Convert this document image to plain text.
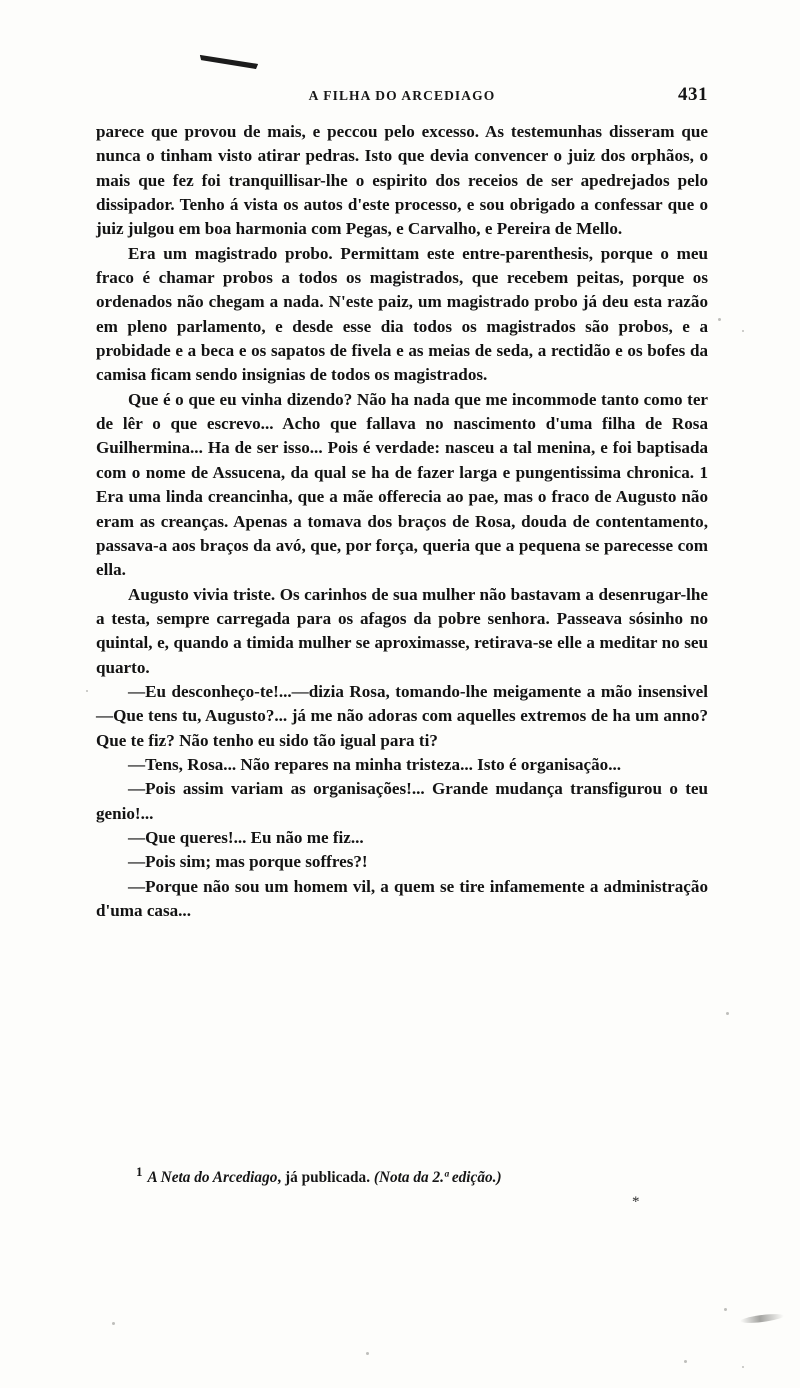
A FILHA DO ARCEDIAGO	431

parece que provou de mais, e peccou pelo excesso. As testemunhas disseram que nunca o tinham visto atirar pedras. Isto que devia convencer o juiz dos orphãos, o mais que fez foi tranquillisar-lhe o espirito dos receios de ser apedrejados pelo dissipador. Tenho á vista os autos d'este processo, e sou obrigado a confessar que o juiz julgou em boa harmonia com Pegas, e Carvalho, e Pereira de Mello.

Era um magistrado probo. Permittam este entre-parenthesis, porque o meu fraco é chamar probos a todos os magistrados, que recebem peitas, porque os ordenados não chegam a nada. N'este paiz, um magistrado probo já deu esta razão em pleno parlamento, e desde esse dia todos os magistrados são probos, e a probidade e a beca e os sapatos de fivela e as meias de seda, a rectidão e os bofes da camisa ficam sendo insignias de todos os magistrados.

Que é o que eu vinha dizendo? Não ha nada que me incommode tanto como ter de lêr o que escrevo... Acho que fallava no nascimento d'uma filha de Rosa Guilhermina... Ha de ser isso... Pois é verdade: nasceu a tal menina, e foi baptisada com o nome de Assucena, da qual se ha de fazer larga e pungentissima chronica. 1 Era uma linda creancinha, que a mãe offerecia ao pae, mas o fraco de Augusto não eram as creanças. Apenas a tomava dos braços de Rosa, douda de contentamento, passava-a aos braços da avó, que, por força, queria que a pequena se parecesse com ella.

Augusto vivia triste. Os carinhos de sua mulher não bastavam a desenrugar-lhe a testa, sempre carregada para os afagos da pobre senhora. Passeava sósinho no quintal, e, quando a timida mulher se aproximasse, retirava-se elle a meditar no seu quarto.

—Eu desconheço-te!...—dizia Rosa, tomando-lhe meigamente a mão insensivel—Que tens tu, Augusto?... já me não adoras com aquelles extremos de ha um anno? Que te fiz? Não tenho eu sido tão igual para ti?

—Tens, Rosa... Não repares na minha tristeza... Isto é organisação...

—Pois assim variam as organisações!... Grande mudança transfigurou o teu genio!...

—Que queres!... Eu não me fiz...

—Pois sim; mas porque soffres?!

—Porque não sou um homem vil, a quem se tire infamemente a administração d'uma casa...

$^1$ A Neta do Arcediago, já publicada. (Nota da 2.ª edição.)
*
